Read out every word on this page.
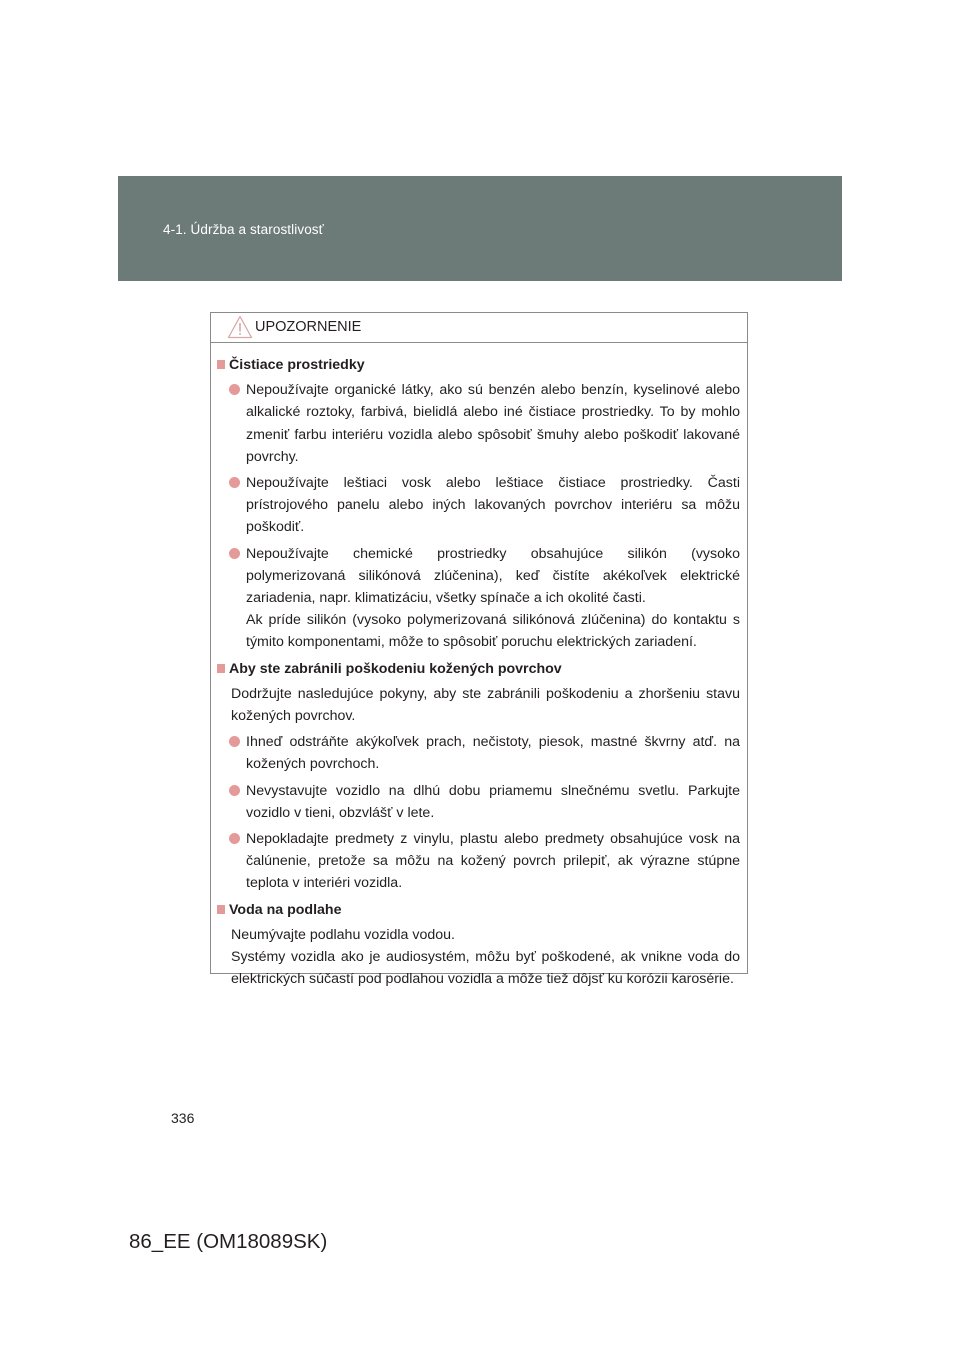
4-1. Údržba a starostlivosť
UPOZORNENIE
Čistiace prostriedky
Nepoužívajte organické látky, ako sú benzén alebo benzín, kyselinové alebo alkalické roztoky, farbivá, bielidlá alebo iné čistiace prostriedky. To by mohlo zmeniť farbu interiéru vozidla alebo spôsobiť šmuhy alebo poškodiť lakované povrchy.
Nepoužívajte leštiaci vosk alebo leštiace čistiace prostriedky. Časti prístrojového panelu alebo iných lakovaných povrchov interiéru sa môžu poškodiť.
Nepoužívajte chemické prostriedky obsahujúce silikón (vysoko polymerizovaná silikónová zlúčenina), keď čistíte akékoľvek elektrické zariadenia, napr. klimatizáciu, všetky spínače a ich okolité časti.
Ak príde silikón (vysoko polymerizovaná silikónová zlúčenina) do kontaktu s týmito komponentami, môže to spôsobiť poruchu elektrických zariadení.
Aby ste zabránili poškodeniu kožených povrchov
Dodržujte nasledujúce pokyny, aby ste zabránili poškodeniu a zhoršeniu stavu kožených povrchov.
Ihneď odstráňte akýkoľvek prach, nečistoty, piesok, mastné škvrny atď. na kožených povrchoch.
Nevystavujte vozidlo na dlhú dobu priamemu slnečnému svetlu. Parkujte vozidlo v tieni, obzvlášť v lete.
Nepokladajte predmety z vinylu, plastu alebo predmety obsahujúce vosk na čalúnenie, pretože sa môžu na kožený povrch prilepiť, ak výrazne stúpne teplota v interiéri vozidla.
Voda na podlahe
Neumývajte podlahu vozidla vodou.
Systémy vozidla ako je audiosystém, môžu byť poškodené, ak vnikne voda do elektrických súčastí pod podlahou vozidla a môže tiež dôjsť ku korózii karosérie.
336
86_EE (OM18089SK)
